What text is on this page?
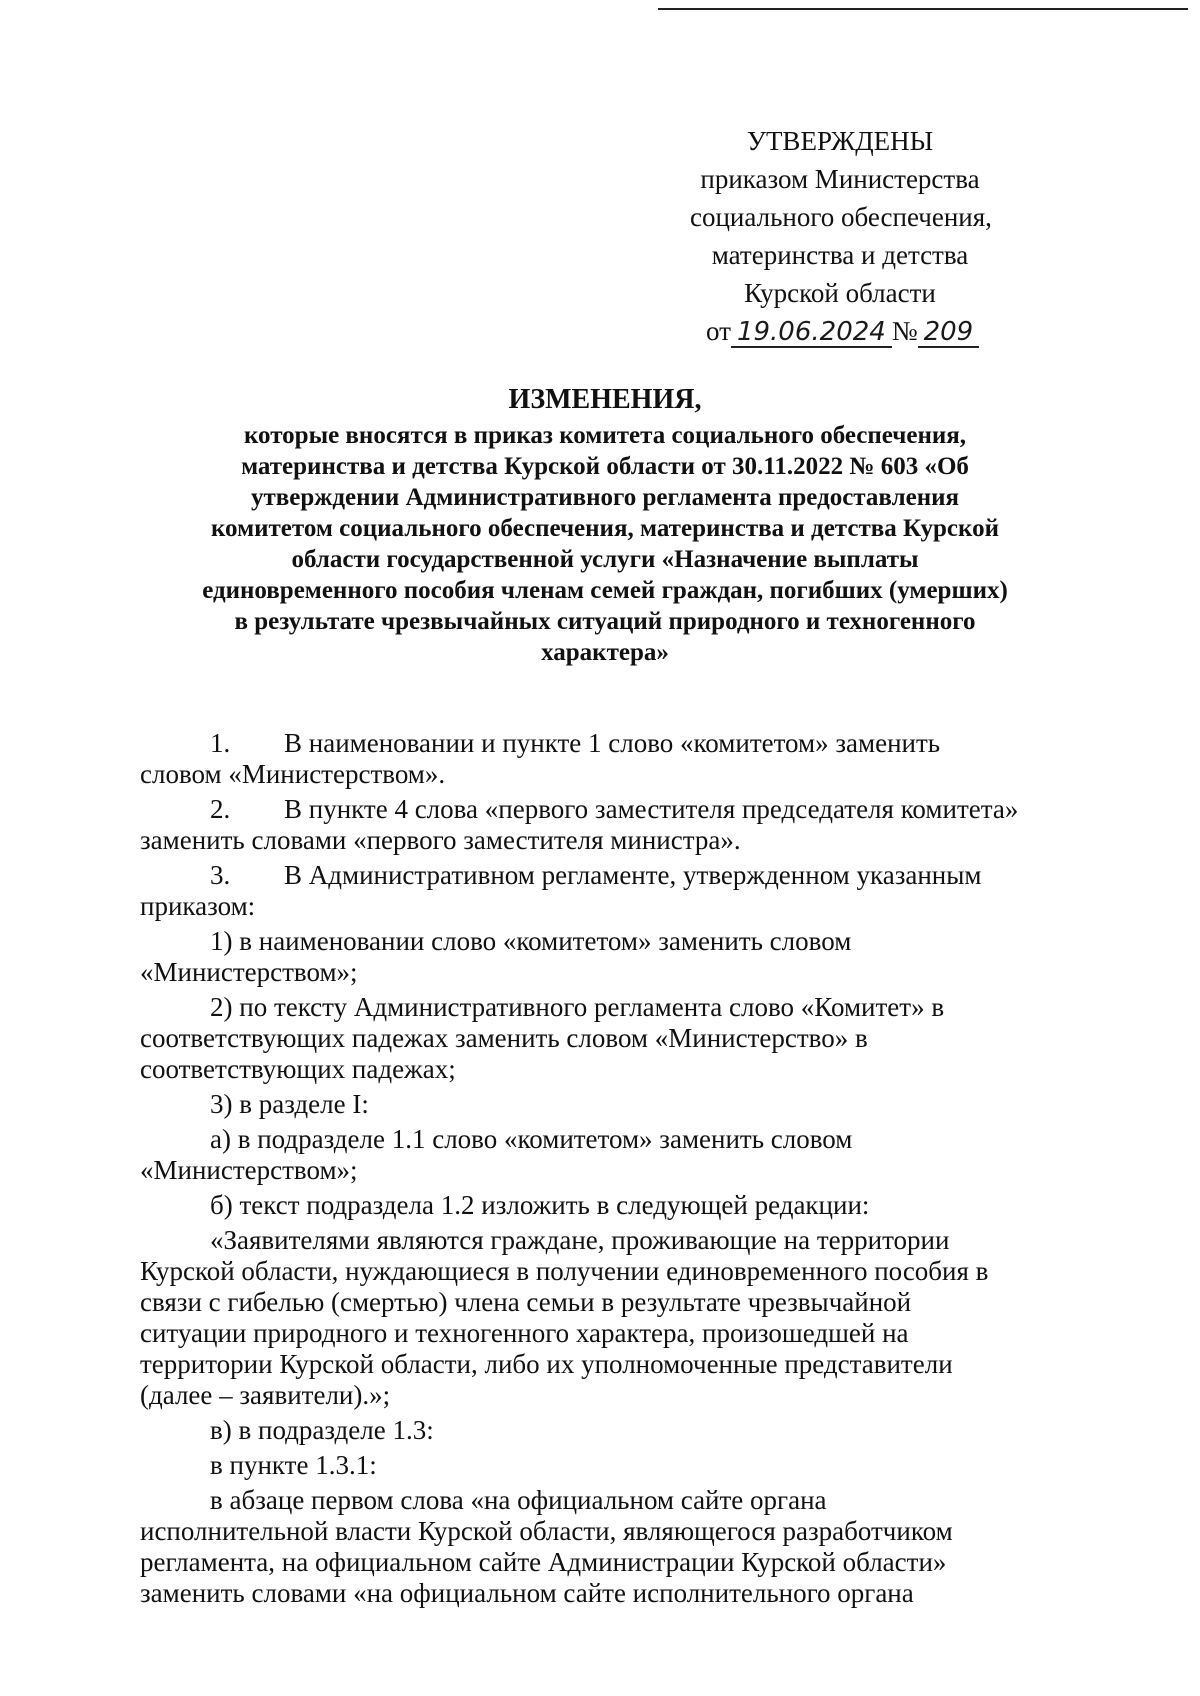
УТВЕРЖДЕНЫ
приказом Министерства
социального обеспечения,
материнства и детства
Курской области
от 19.06.2024 № 209
ИЗМЕНЕНИЯ,
которые вносятся в приказ комитета социального обеспечения,
материнства и детства Курской области от 30.11.2022 № 603 «Об
утверждении Административного регламента предоставления
комитетом социального обеспечения, материнства и детства Курской
области государственной услуги «Назначение выплаты
единовременного пособия членам семей граждан, погибших (умерших)
в результате чрезвычайных ситуаций природного и техногенного
характера»
1. В наименовании и пункте 1 слово «комитетом» заменить
словом «Министерством».
2. В пункте 4 слова «первого заместителя председателя комитета»
заменить словами «первого заместителя министра».
3. В Административном регламенте, утвержденном указанным
приказом:
1) в наименовании слово «комитетом» заменить словом
«Министерством»;
2) по тексту Административного регламента слово «Комитет» в
соответствующих падежах заменить словом «Министерство» в
соответствующих падежах;
3) в разделе I:
а) в подразделе 1.1 слово «комитетом» заменить словом
«Министерством»;
б) текст подраздела 1.2 изложить в следующей редакции:
«Заявителями являются граждане, проживающие на территории
Курской области, нуждающиеся в получении единовременного пособия в
связи с гибелью (смертью) члена семьи в результате чрезвычайной
ситуации природного и техногенного характера, произошедшей на
территории Курской области, либо их уполномоченные представители
(далее – заявители).»;
в) в подразделе 1.3:
в пункте 1.3.1:
в абзаце первом слова «на официальном сайте органа
исполнительной власти Курской области, являющегося разработчиком
регламента, на официальном сайте Администрации Курской области»
заменить словами «на официальном сайте исполнительного органа
